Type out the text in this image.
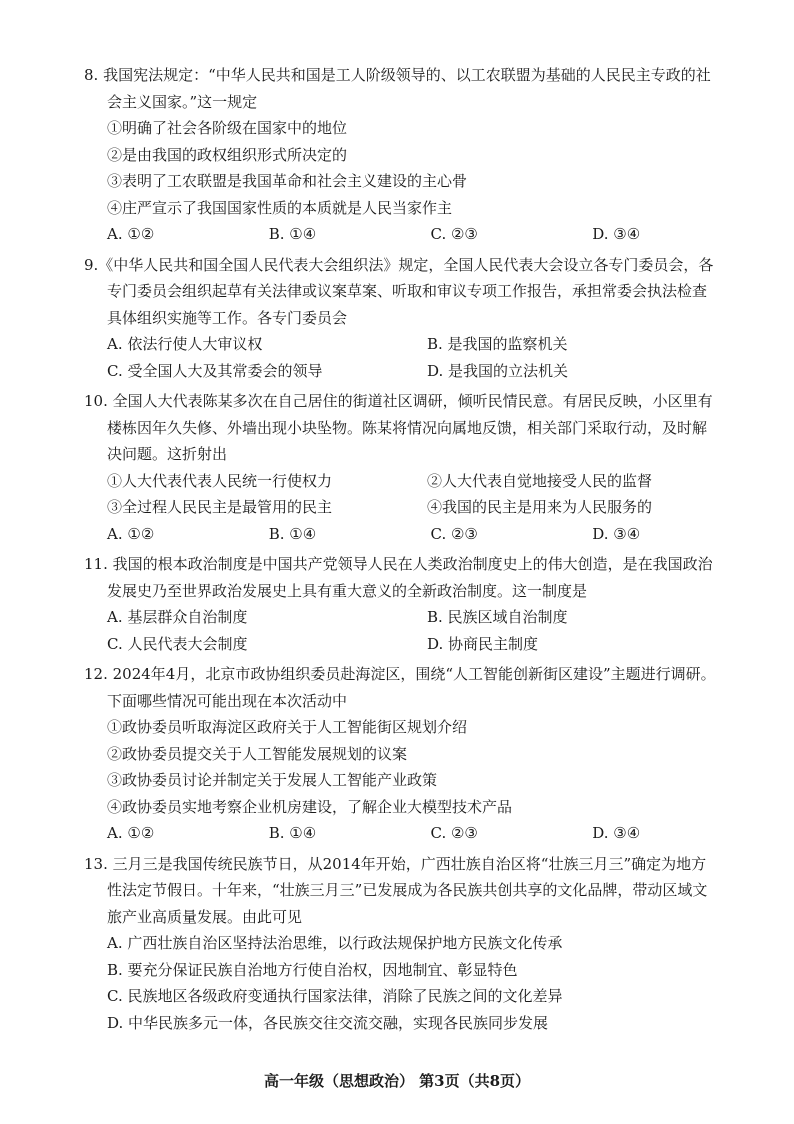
8. 我国宪法规定：“中华人民共和国是工人阶级领导的、以工农联盟为基础的人民民主专政的社
会主义国家。”这一规定
①明确了社会各阶级在国家中的地位
②是由我国的政权组织形式所决定的
③表明了工农联盟是我国革命和社会主义建设的主心骨
④庄严宣示了我国国家性质的本质就是人民当家作主
A. ①②	B. ①④	C. ②③	D. ③④
9.《中华人民共和国全国人民代表大会组织法》规定，全国人民代表大会设立各专门委员会，各
专门委员会组织起草有关法律或议案草案、听取和审议专项工作报告，承担常委会执法检查
具体组织实施等工作。各专门委员会
A. 依法行使人大审议权	B. 是我国的监察机关
C. 受全国人大及其常委会的领导	D. 是我国的立法机关
10. 全国人大代表陈某多次在自己居住的街道社区调研，倾听民情民意。有居民反映，小区里有
楼栋因年久失修、外墙出现小块坠物。陈某将情况向属地反馈，相关部门采取行动，及时解
决问题。这折射出
①人大代表代表人民统一行使权力	②人大代表自觉地接受人民的监督
③全过程人民民主是最管用的民主	④我国的民主是用来为人民服务的
A. ①②	B. ①④	C. ②③	D. ③④
11. 我国的根本政治制度是中国共产党领导人民在人类政治制度史上的伟大创造，是在我国政治
发展史乃至世界政治发展史上具有重大意义的全新政治制度。这一制度是
A. 基层群众自治制度	B. 民族区域自治制度
C. 人民代表大会制度	D. 协商民主制度
12. 2024年4月，北京市政协组织委员赴海淀区，围绕“人工智能创新街区建设”主题进行调研。
下面哪些情况可能出现在本次活动中
①政协委员听取海淀区政府关于人工智能街区规划介绍
②政协委员提交关于人工智能发展规划的议案
③政协委员讨论并制定关于发展人工智能产业政策
④政协委员实地考察企业机房建设，了解企业大模型技术产品
A. ①②	B. ①④	C. ②③	D. ③④
13. 三月三是我国传统民族节日，从2014年开始，广西壮族自治区将“壮族三月三”确定为地方
性法定节假日。十年来，“壮族三月三”已发展成为各民族共创共享的文化品牌，带动区域文
旅产业高质量发展。由此可见
A. 广西壮族自治区坚持法治思维，以行政法规保护地方民族文化传承
B. 要充分保证民族自治地方行使自治权，因地制宜、彰显特色
C. 民族地区各级政府变通执行国家法律，消除了民族之间的文化差异
D. 中华民族多元一体，各民族交往交流交融，实现各民族同步发展
高一年级（思想政治） 第3页（共8页）
